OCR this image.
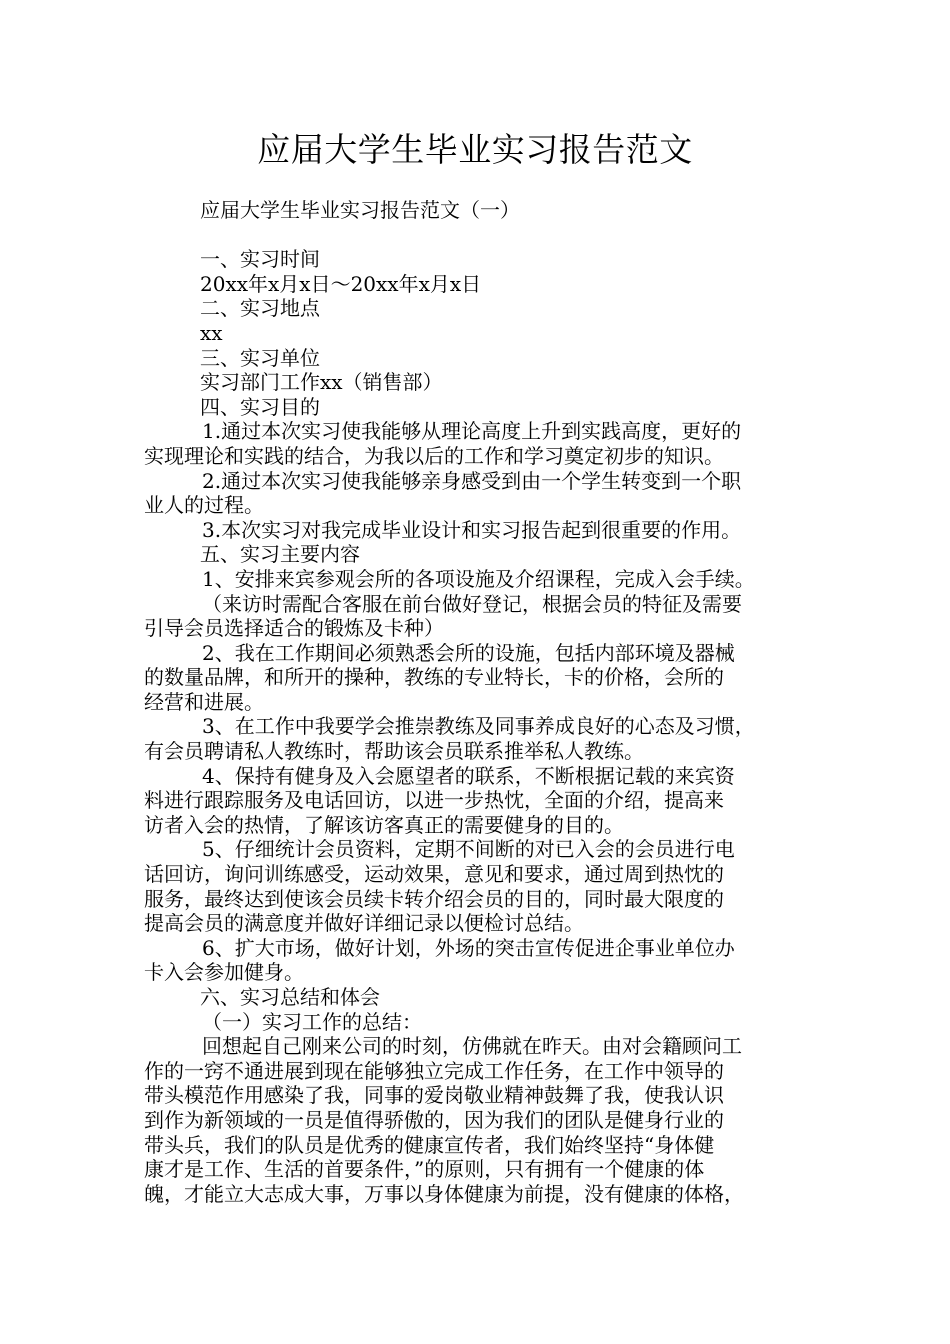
应届大学生毕业实习报告范文
应届大学生毕业实习报告范文（一）
一、实习时间
20xx年x月x日～20xx年x月x日
二、实习地点
xx
三、实习单位
实习部门工作xx（销售部）
四、实习目的
1.通过本次实习使我能够从理论高度上升到实践高度，更好的
实现理论和实践的结合，为我以后的工作和学习奠定初步的知识。
2.通过本次实习使我能够亲身感受到由一个学生转变到一个职
业人的过程。
3.本次实习对我完成毕业设计和实习报告起到很重要的作用。
五、实习主要内容
1、安排来宾参观会所的各项设施及介绍课程，完成入会手续。
（来访时需配合客服在前台做好登记，根据会员的特征及需要
引导会员选择适合的锻炼及卡种）
2、我在工作期间必须熟悉会所的设施，包括内部环境及器械
的数量品牌，和所开的操种，教练的专业特长，卡的价格，会所的
经营和进展。
3、在工作中我要学会推崇教练及同事养成良好的心态及习惯，
有会员聘请私人教练时，帮助该会员联系推举私人教练。
4、保持有健身及入会愿望者的联系，不断根据记载的来宾资
料进行跟踪服务及电话回访，以进一步热忱，全面的介绍，提高来
访者入会的热情，了解该访客真正的需要健身的目的。
5、仔细统计会员资料，定期不间断的对已入会的会员进行电
话回访，询问训练感受，运动效果，意见和要求，通过周到热忱的
服务，最终达到使该会员续卡转介绍会员的目的，同时最大限度的
提高会员的满意度并做好详细记录以便检讨总结。
6、扩大市场，做好计划，外场的突击宣传促进企事业单位办
卡入会参加健身。
六、实习总结和体会
（一）实习工作的总结：
回想起自己刚来公司的时刻，仿佛就在昨天。由对会籍顾问工
作的一窍不通进展到现在能够独立完成工作任务，在工作中领导的
带头模范作用感染了我，同事的爱岗敬业精神鼓舞了我，使我认识
到作为新领域的一员是值得骄傲的，因为我们的团队是健身行业的
带头兵，我们的队员是优秀的健康宣传者，我们始终坚持“身体健
康才是工作、生活的首要条件，”的原则，只有拥有一个健康的体
魄，才能立大志成大事，万事以身体健康为前提，没有健康的体格，
